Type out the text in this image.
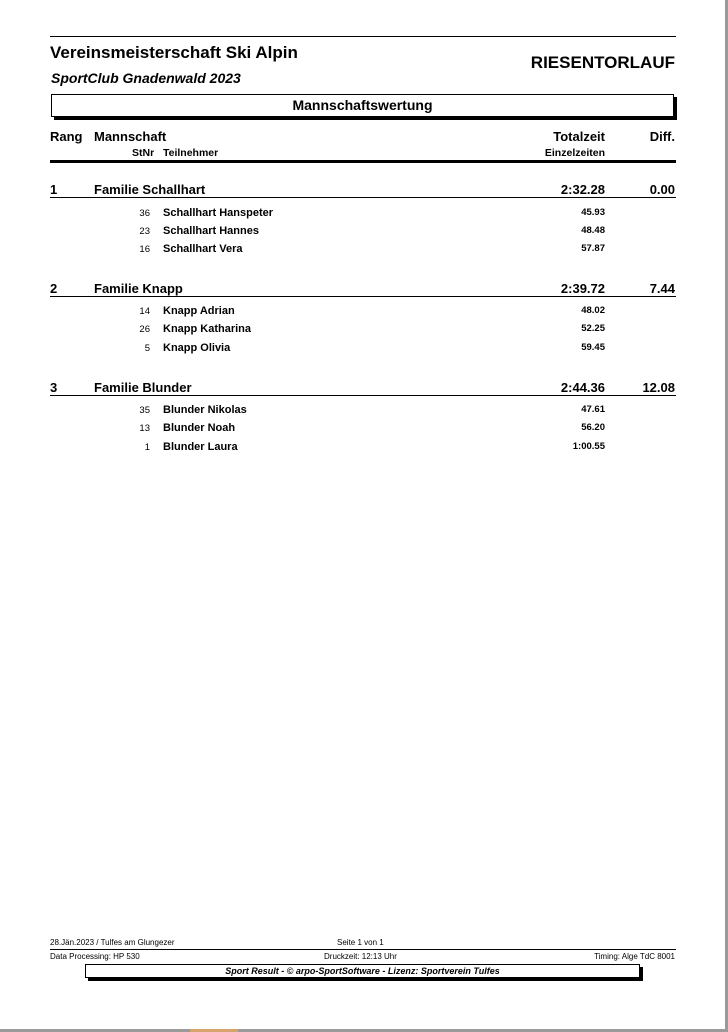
Vereinsmeisterschaft Ski Alpin
SportClub Gnadenwald 2023
RIESENTORLAUF
Mannschaftswertung
Rang Mannschaft	Totalzeit	Diff.
StNr Teilnehmer	Einzelzeiten
1	Familie Schallhart	2:32.28	0.00
36 Schallhart Hanspeter	45.93
23 Schallhart Hannes	48.48
16 Schallhart Vera	57.87
2	Familie Knapp	2:39.72	7.44
14 Knapp Adrian	48.02
26 Knapp Katharina	52.25
5 Knapp Olivia	59.45
3	Familie Blunder	2:44.36	12.08
35 Blunder Nikolas	47.61
13 Blunder Noah	56.20
1 Blunder Laura	1:00.55
28.Jän.2023 / Tulfes am Glungezer	Seite 1 von 1
Data Processing: HP 530	Druckzeit: 12:13 Uhr	Timing: Alge TdC 8001
Sport Result - © arpo-SportSoftware - Lizenz: Sportverein Tulfes
